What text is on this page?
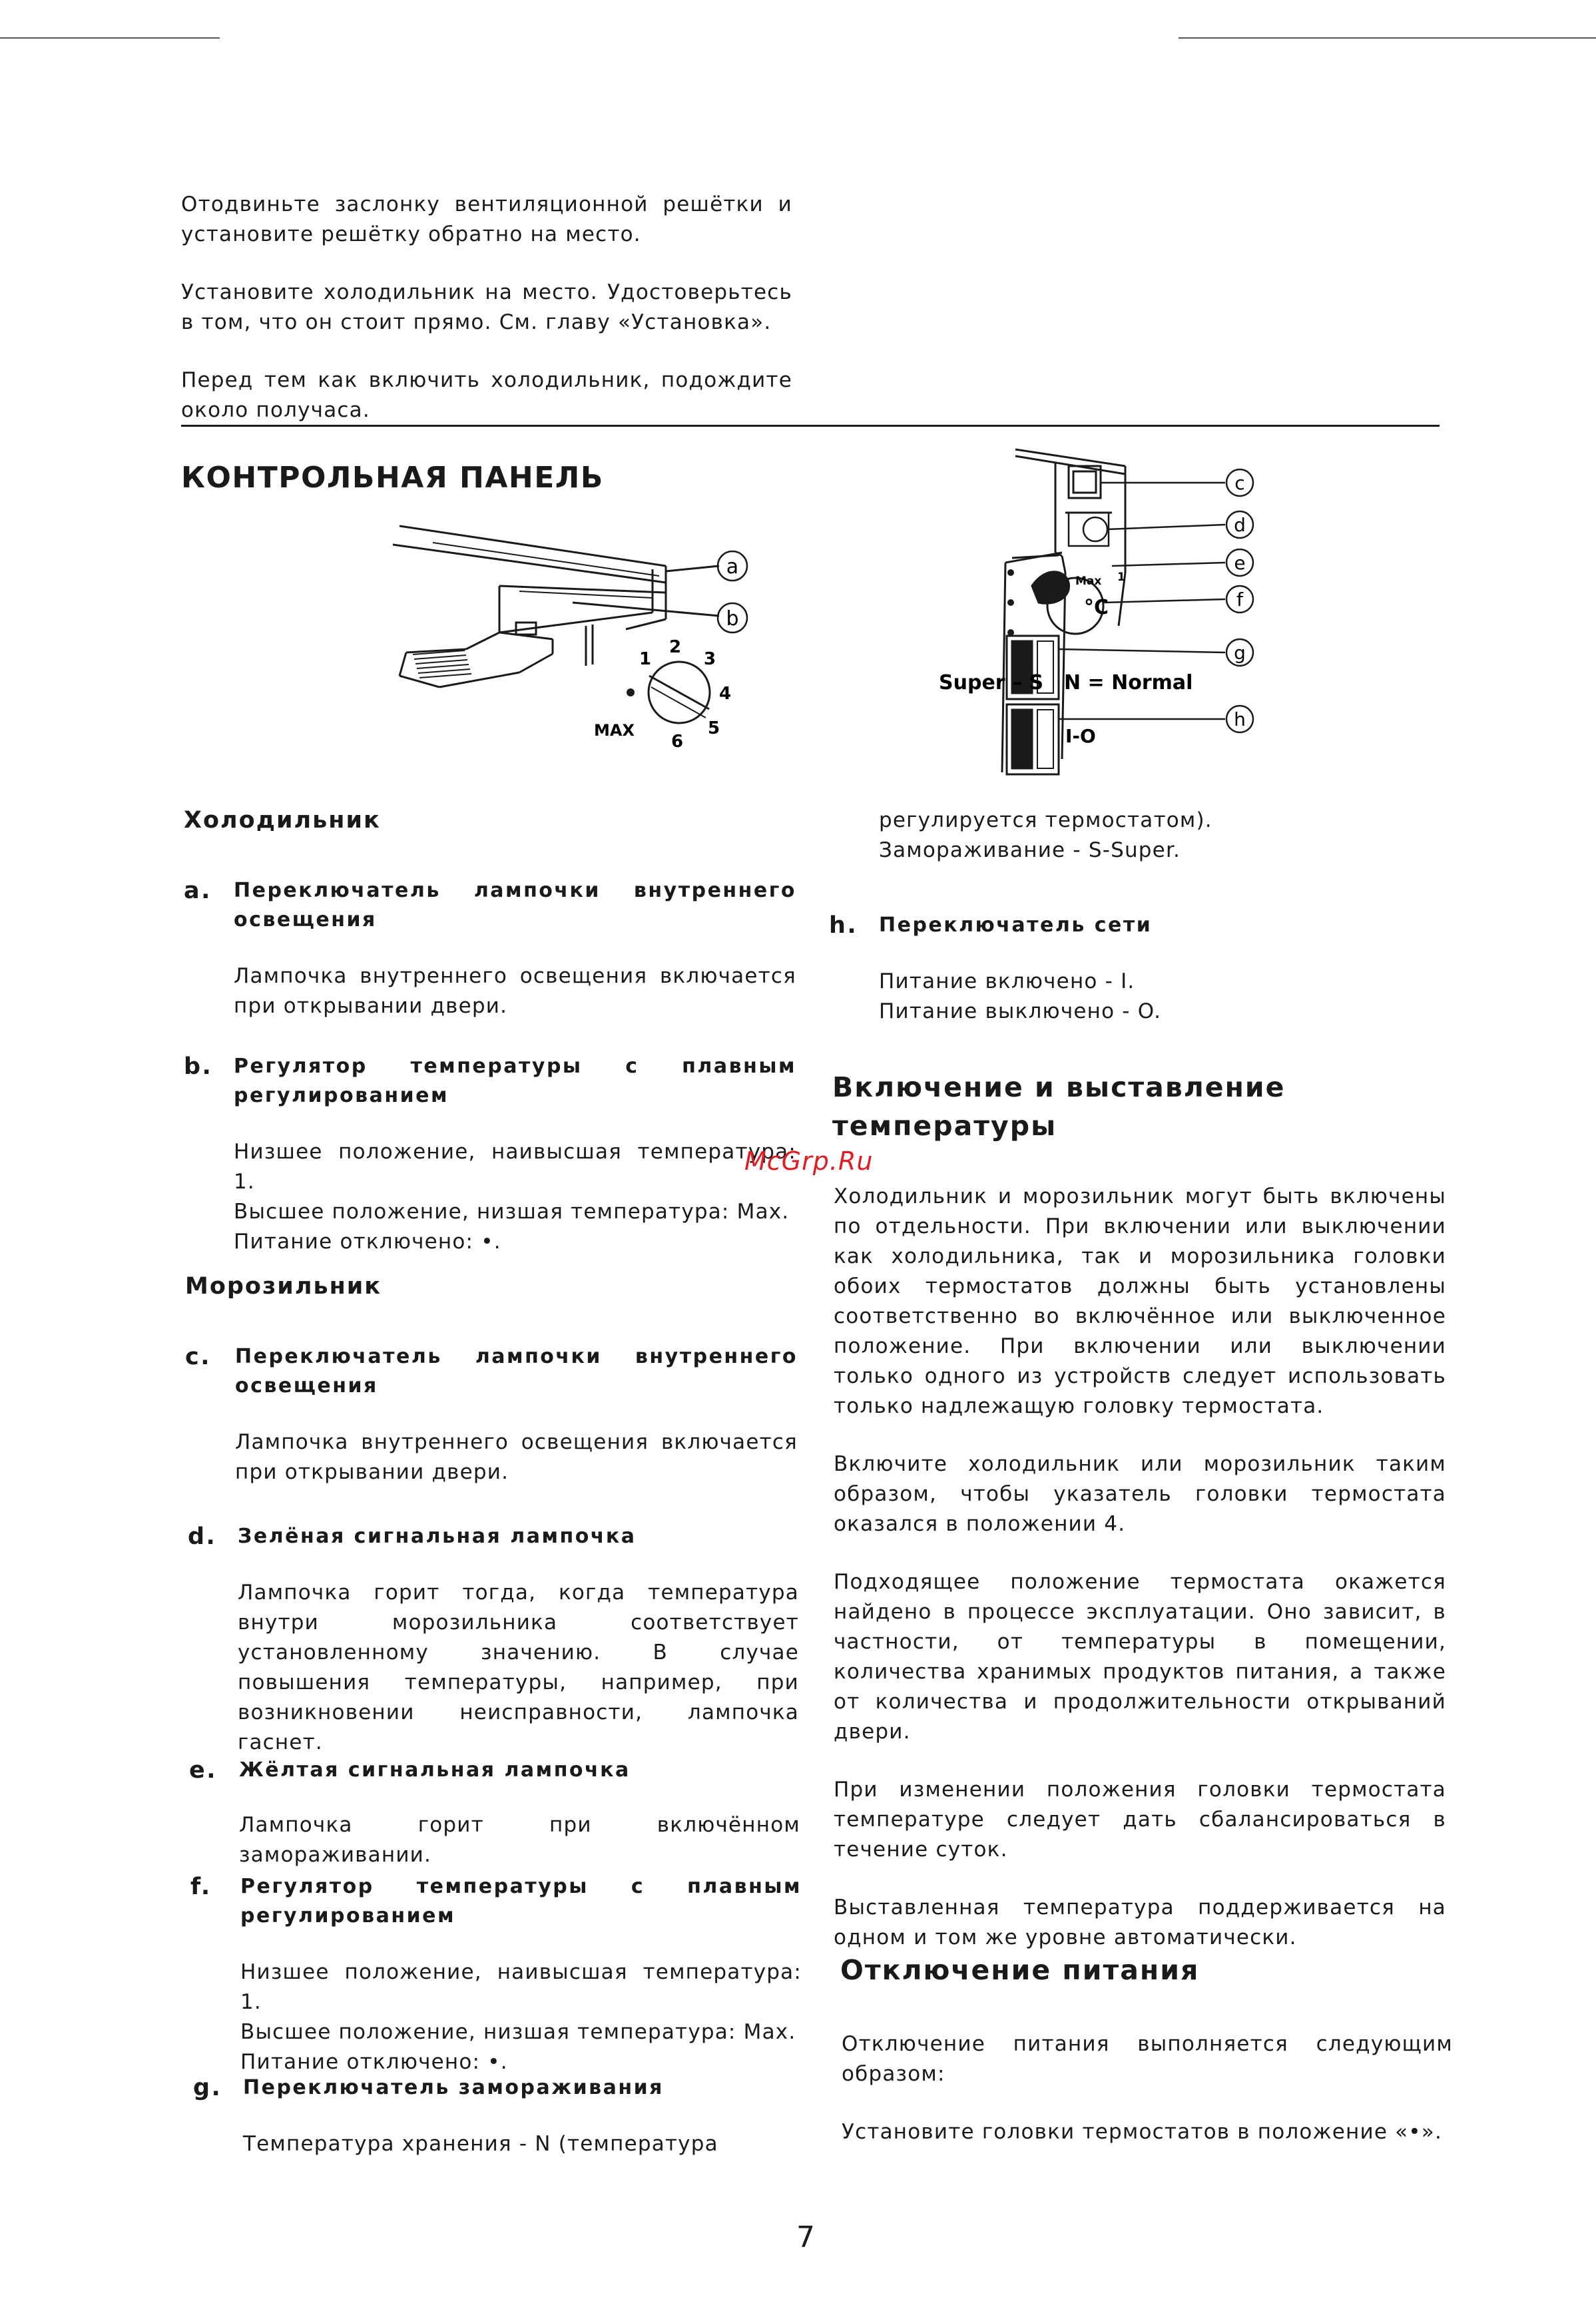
Отодвиньте заслонку вентиляционной решётки и установите решётку обратно на место.

Установите холодильник на место. Удостоверьтесь в том, что он стоит прямо. См. главу «Установка».

Перед тем как включить холодильник, подождите около получаса.

КОНТРОЛЬНАЯ ПАНЕЛЬ
a
b
1
2
3
4
5
6
MAX
c
d
e
f
g
h
Max 1
°C
Super – S N = Normal
I-O
Холодильник
a.	Переключатель лампочки внутреннего освещения

Лампочка внутреннего освещения включается при открывании двери.

b.	Регулятор температуры с плавным регулированием

Низшее положение, наивысшая температура: 1.

Высшее положение, низшая температура: Max.

Питание отключено: •.

McGrp.Ru
Морозильник
c.	Переключатель лампочки внутреннего освещения

Лампочка внутреннего освещения включается при открывании двери.

d.	Зелёная сигнальная лампочка

Лампочка горит тогда, когда температура внутри морозильника соответствует установленному значению. В случае повышения температуры, например, при возникновении неисправности, лампочка гаснет.

e.	Жёлтая сигнальная лампочка

Лампочка горит при включённом замораживании.

f.	Регулятор температуры с плавным регулированием

Низшее положение, наивысшая температура: 1.

Высшее положение, низшая температура: Max.

Питание отключено: •.

g.	Переключатель замораживания

Температура хранения - N (температура

регулируется термостатом).

Замораживание - S-Super.

h.	Переключатель сети

Питание включено - I.

Питание выключено - O.

Включение и выставление температуры

Холодильник и морозильник могут быть включены по отдельности. При включении или выключении как холодильника, так и морозильника головки обоих термостатов должны быть установлены соответственно во включённое или выключенное положение. При включении или выключении только одного из устройств следует использовать только надлежащую головку термостата.

Включите холодильник или морозильник таким образом, чтобы указатель головки термостата оказался в положении 4.

Подходящее положение термостата окажется найдено в процессе эксплуатации. Оно зависит, в частности, от температуры в помещении, количества хранимых продуктов питания, а также от количества и продолжительности открываний двери.

При изменении положения головки термостата температуре следует дать сбалансироваться в течение суток.

Выставленная температура поддерживается на одном и том же уровне автоматически.

Отключение питания

Отключение питания выполняется следующим образом:

Установите головки термостатов в положение «•».

7
